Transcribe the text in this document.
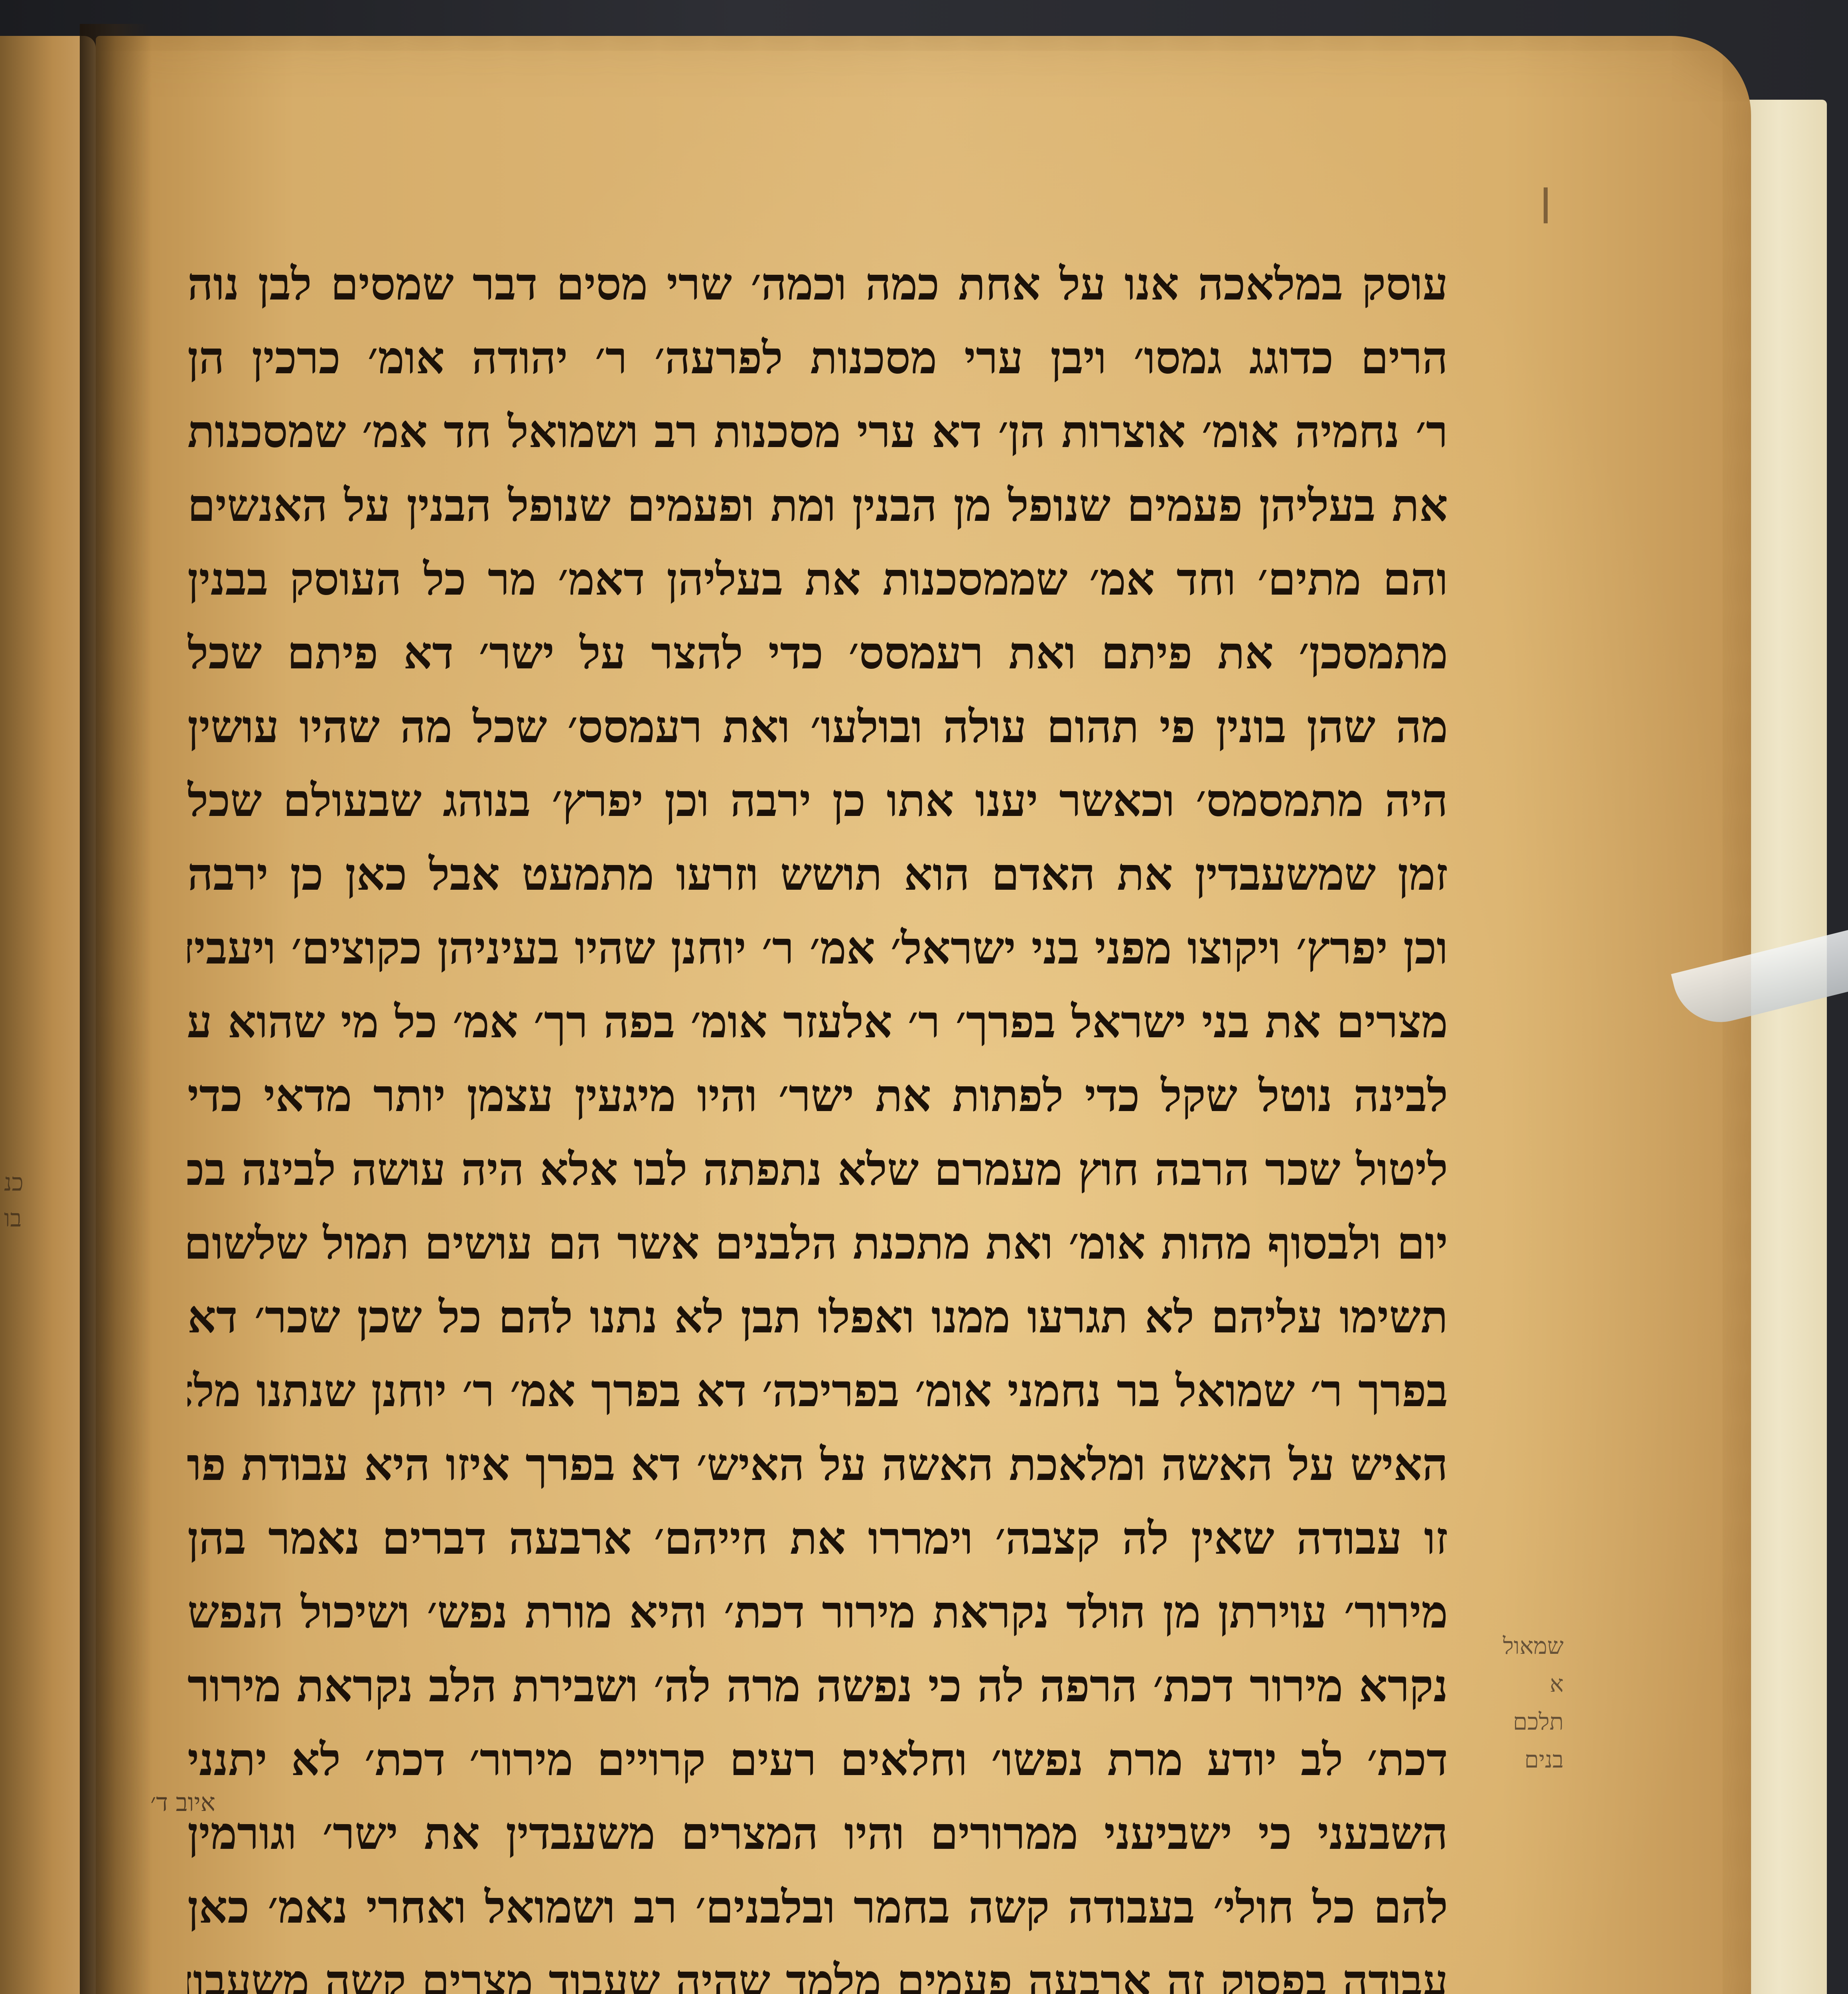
כנ
בו
עוסק במלאכה אנו על אחת כמה וכמה׳ שרי מסים דבר שמסים לבן נוה
הרים כדוגג גמסו׳ ויבן ערי מסכנות לפרעה׳ ר׳ יהודה אומ׳ כרכין הן
ר׳ נחמיה אומ׳ אוצרות הן׳ דא ערי מסכנות רב ושמואל חד אמ׳ שמסכנות
את בעליהן פעמים שנופל מן הבנין ומת ופעמים שנופל הבנין על האנשים
והם מתים׳ וחד אמ׳ שממסכנות את בעליהן דאמ׳ מר כל העוסק בבנין
מתמסכן׳ את פיתם ואת רעמסס׳ כדי להצר על ישר׳ דא פיתם שכל
מה שהן בונין פי תהום עולה ובולעו׳ ואת רעמסס׳ שכל מה שהיו עושין
היה מתמסמס׳ וכאשר יענו אתו כן ירבה וכן יפרץ׳ בנוהג שבעולם שכל
זמן שמשעבדין את האדם הוא תושש וזרעו מתמעט אבל כאן כן ירבה
וכן יפרץ׳ ויקוצו מפני בני ישראל׳ אמ׳ ר׳ יוחנן שהיו בעיניהן כקוצים׳ ויעבידו
מצרים את בני ישראל בפרך׳ ר׳ אלעזר אומ׳ בפה רך׳ אמ׳ כל מי שהוא עושה
לבינה נוטל שקל כדי לפתות את ישר׳ והיו מיגעין עצמן יותר מדאי כדי
ליטול שכר הרבה חוץ מעמרם שלא נתפתה לבו אלא היה עושה לבינה בכל
יום ולבסוף מהות אומ׳ ואת מתכנת הלבנים אשר הם עושים תמול שלשום
תשימו עליהם לא תגרעו ממנו ואפלו תבן לא נתנו להם כל שכן שכר׳ דא
בפרך ר׳ שמואל בר נחמני אומ׳ בפריכה׳ דא בפרך אמ׳ ר׳ יוחנן שנתנו מלאכת
האיש על האשה ומלאכת האשה על האיש׳ דא בפרך איזו היא עבודת פרך
זו עבודה שאין לה קצבה׳ וימררו את חייהם׳ ארבעה דברים נאמר בהן
מירור׳ עוירתן מן הולד נקראת מירור דכת׳ והיא מורת נפש׳ ושיכול הנפש
נקרא מירור דכת׳ הרפה לה כי נפשה מרה לה׳ ושבירת הלב נקראת מירור
דכת׳ לב יודע מרת נפשו׳ וחלאים רעים קרויים מירור׳ דכת׳ לא יתנני
השבעני כי ישביעני ממרורים והיו המצרים משעבדין את ישר׳ וגורמין
להם כל חולי׳ בעבודה קשה בחמר ובלבנים׳ רב ושמואל ואחרי נאמ׳ כאן
עבודה בפסוק זה ארבעה פעמים מלמד שהיה שעבוד מצרים קשה משעבוד
שמאול
א
תלכם
בנים
איוב ד׳
